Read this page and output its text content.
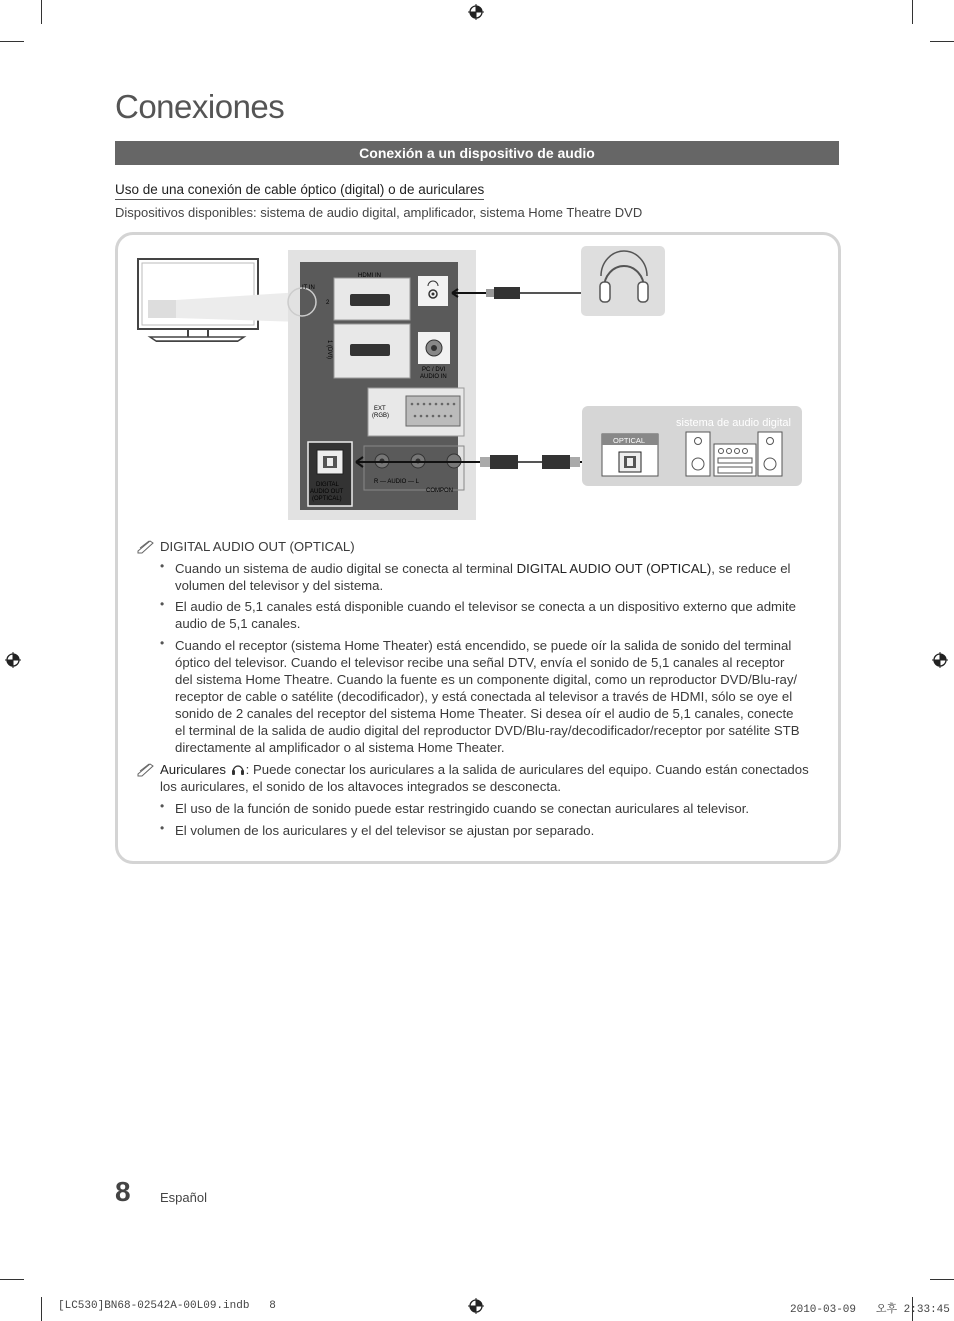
Conexiones
Conexión a un dispositivo de audio
Uso de una conexión de cable óptico (digital) o de auriculares
Dispositivos disponibles: sistema de audio digital, amplificador, sistema Home Theatre DVD
HDMI IN
IT IN
2
1 (DVI)
PC / DVI
AUDIO IN
EXT
(RGB)
R — AUDIO — L
COMPON
DIGITAL
AUDIO OUT
(OPTICAL)
sistema de audio digital
OPTICAL
DIGITAL AUDIO OUT (OPTICAL)
• Cuando un sistema de audio digital se conecta al terminal DIGITAL AUDIO OUT (OPTICAL), se reduce el
volumen del televisor y del sistema.
• El audio de 5,1 canales está disponible cuando el televisor se conecta a un dispositivo externo que admite
audio de 5,1 canales.
• Cuando el receptor (sistema Home Theater) está encendido, se puede oír la salida de sonido del terminal
óptico del televisor. Cuando el televisor recibe una señal DTV, envía el sonido de 5,1 canales al receptor
del sistema Home Theatre. Cuando la fuente es un componente digital, como un reproductor DVD/Blu-ray/
receptor de cable o satélite (decodificador), y está conectada al televisor a través de HDMI, sólo se oye el
sonido de 2 canales del receptor del sistema Home Theater. Si desea oír el audio de 5,1 canales, conecte
el terminal de la salida de audio digital del reproductor DVD/Blu-ray/decodificador/receptor por satélite STB
directamente al amplificador o al sistema Home Theater.
Auriculares : Puede conectar los auriculares a la salida de auriculares del equipo. Cuando están conectados
los auriculares, el sonido de los altavoces integrados se desconecta.
• El uso de la función de sonido puede estar restringido cuando se conectan auriculares al televisor.
• El volumen de los auriculares y el del televisor se ajustan por separado.
8 Español
[LC530]BN68-02542A-00L09.indb   8	2010-03-09   오후 2:33:45
